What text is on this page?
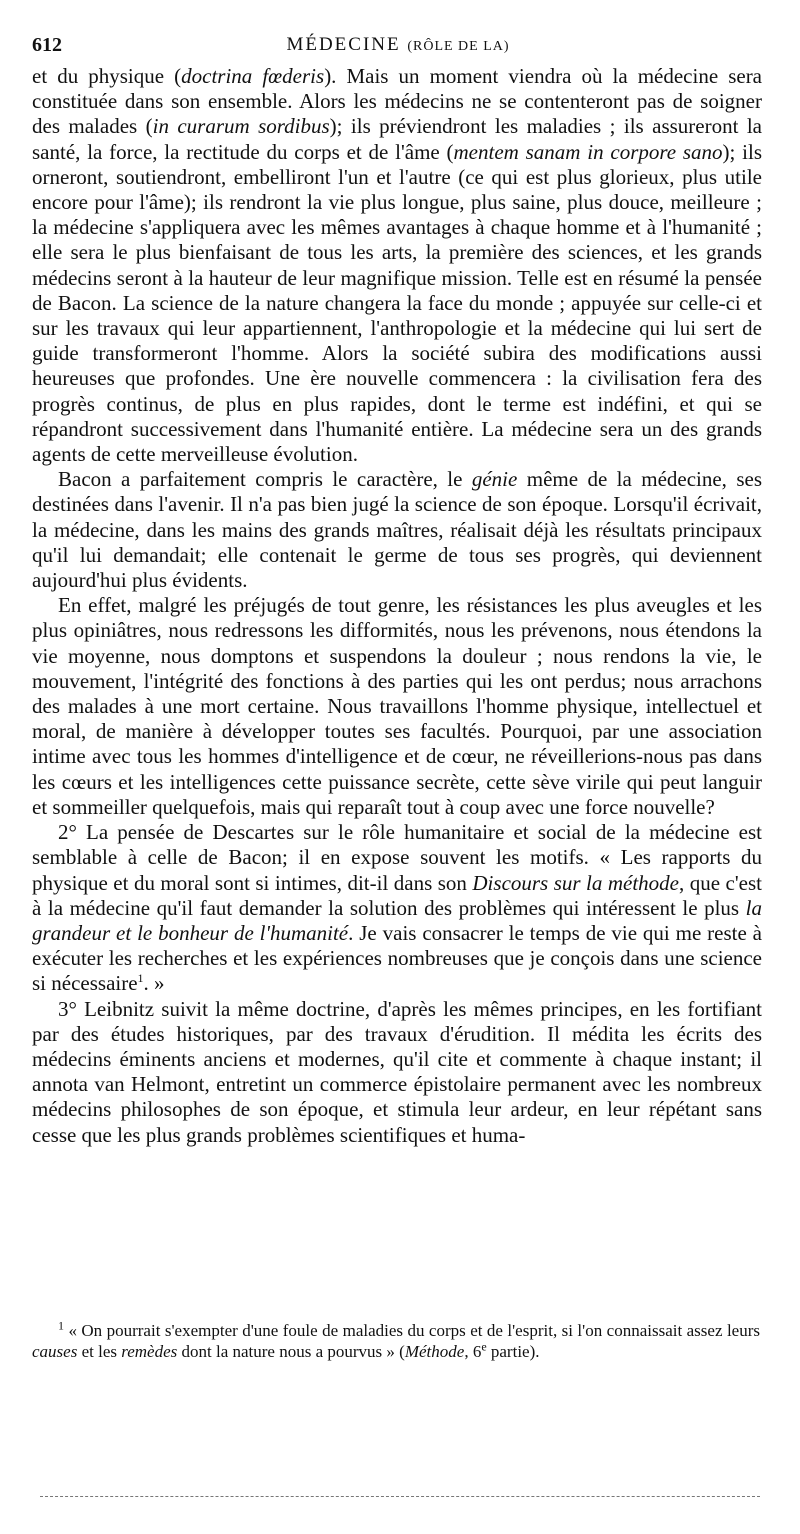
612	MÉDECINE (RÔLE DE LA)

et du physique (doctrina fœderis). Mais un moment viendra où la médecine sera constituée dans son ensemble. Alors les médecins ne se contenteront pas de soigner des malades (in curarum sordibus); ils préviendront les maladies ; ils assureront la santé, la force, la rectitude du corps et de l'âme (mentem sanam in corpore sano); ils orneront, soutiendront, embelliront l'un et l'autre (ce qui est plus glorieux, plus utile encore pour l'âme); ils rendront la vie plus longue, plus saine, plus douce, meilleure ; la médecine s'appliquera avec les mêmes avantages à chaque homme et à l'humanité ; elle sera le plus bienfaisant de tous les arts, la première des sciences, et les grands médecins seront à la hauteur de leur magnifique mission. Telle est en résumé la pensée de Bacon. La science de la nature changera la face du monde ; appuyée sur celle-ci et sur les travaux qui leur appartiennent, l'anthropologie et la médecine qui lui sert de guide transformeront l'homme. Alors la société subira des modifications aussi heureuses que profondes. Une ère nouvelle commencera : la civilisation fera des progrès continus, de plus en plus rapides, dont le terme est indéfini, et qui se répandront successivement dans l'humanité entière. La médecine sera un des grands agents de cette merveilleuse évolution.

Bacon a parfaitement compris le caractère, le génie même de la médecine, ses destinées dans l'avenir. Il n'a pas bien jugé la science de son époque. Lorsqu'il écrivait, la médecine, dans les mains des grands maîtres, réalisait déjà les résultats principaux qu'il lui demandait; elle contenait le germe de tous ses progrès, qui deviennent aujourd'hui plus évidents.

En effet, malgré les préjugés de tout genre, les résistances les plus aveugles et les plus opiniâtres, nous redressons les difformités, nous les prévenons, nous étendons la vie moyenne, nous domptons et suspendons la douleur ; nous rendons la vie, le mouvement, l'intégrité des fonctions à des parties qui les ont perdus; nous arrachons des malades à une mort certaine. Nous travaillons l'homme physique, intellectuel et moral, de manière à développer toutes ses facultés. Pourquoi, par une association intime avec tous les hommes d'intelligence et de cœur, ne réveillerions-nous pas dans les cœurs et les intelligences cette puissance secrète, cette sève virile qui peut languir et sommeiller quelquefois, mais qui reparaît tout à coup avec une force nouvelle?

2° La pensée de Descartes sur le rôle humanitaire et social de la médecine est semblable à celle de Bacon; il en expose souvent les motifs. « Les rapports du physique et du moral sont si intimes, dit-il dans son Discours sur la méthode, que c'est à la médecine qu'il faut demander la solution des problèmes qui intéressent le plus la grandeur et le bonheur de l'humanité. Je vais consacrer le temps de vie qui me reste à exécuter les recherches et les expériences nombreuses que je conçois dans une science si nécessaire$^1$. »

3° Leibnitz suivit la même doctrine, d'après les mêmes principes, en les fortifiant par des études historiques, par des travaux d'érudition. Il médita les écrits des médecins éminents anciens et modernes, qu'il cite et commente à chaque instant; il annota van Helmont, entretint un commerce épistolaire permanent avec les nombreux médecins philosophes de son époque, et stimula leur ardeur, en leur répétant sans cesse que les plus grands problèmes scientifiques et huma-

$^1$ « On pourrait s'exempter d'une foule de maladies du corps et de l'esprit, si l'on connaissait assez leurs causes et les remèdes dont la nature nous a pourvus » (Méthode, 6e partie).
